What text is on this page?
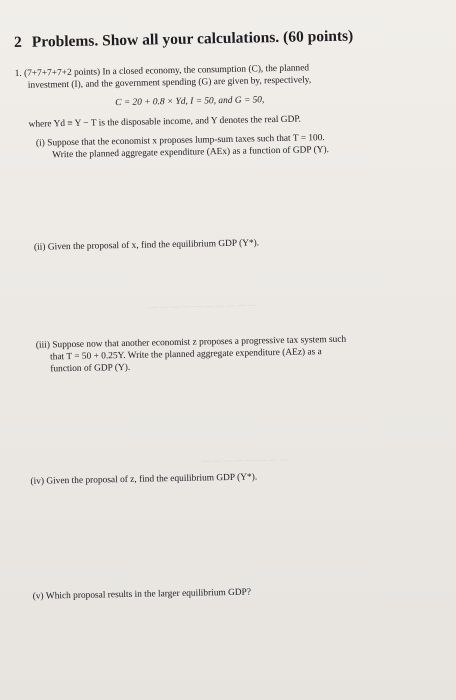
2 Problems. Show all your calculations. (60 points)
1. (7+7+7+7+2 points) In a closed economy, the consumption (C), the planned
investment (I), and the government spending (G) are given by, respectively,
C = 20 + 0.8 × Yd, I = 50, and G = 50,
where Yd ≡ Y − T is the disposable income, and Y denotes the real GDP.
(i) Suppose that the economist x proposes lump-sum taxes such that T = 100.
Write the planned aggregate expenditure (AEx) as a function of GDP (Y).
(ii) Given the proposal of x, find the equilibrium GDP (Y*).
— — — — — — — — — —
(iii) Suppose now that another economist z proposes a progressive tax system such
that T = 50 + 0.25Y. Write the planned aggregate expenditure (AEz) as a
function of GDP (Y).
— — — — — — — —
(iv) Given the proposal of z, find the equilibrium GDP (Y*).
(v) Which proposal results in the larger equilibrium GDP?
